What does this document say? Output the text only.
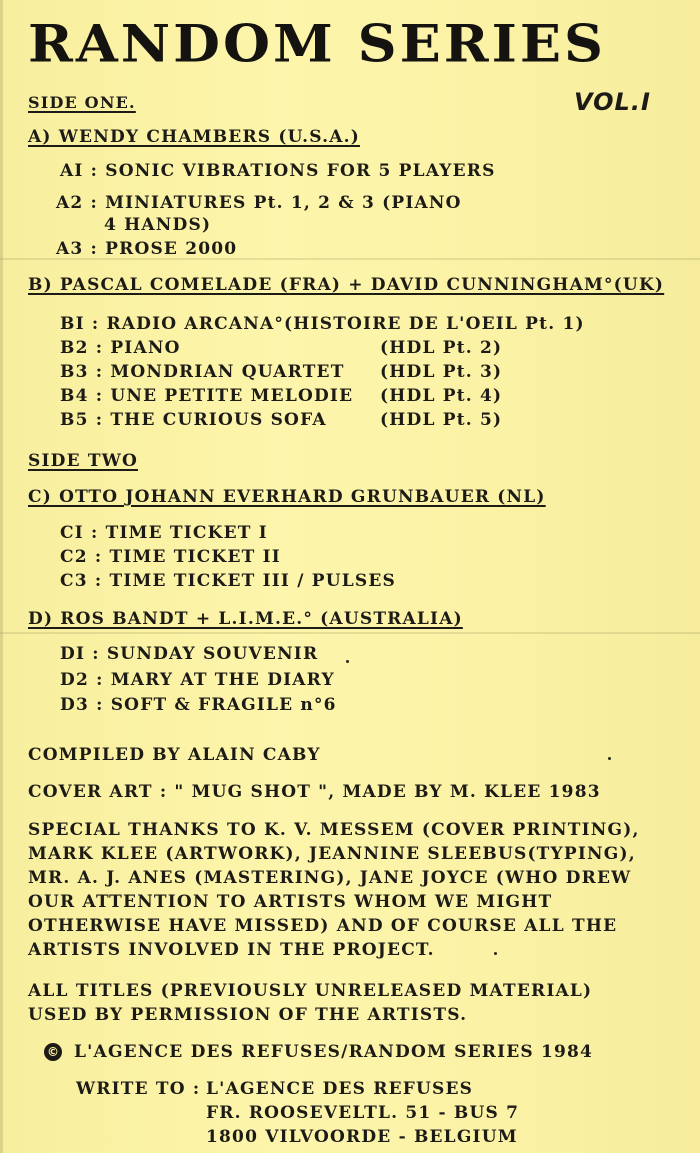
RANDOM SERIES
VOL.I
SIDE ONE.
A) WENDY CHAMBERS (U.S.A.)
AI : SONIC VIBRATIONS FOR 5 PLAYERS
A2 : MINIATURES Pt. 1, 2 & 3 (PIANO
4 HANDS)
A3 : PROSE 2000
B) PASCAL COMELADE (FRA) + DAVID CUNNINGHAM°(UK)
BI : RADIO ARCANA°(HISTOIRE DE L'OEIL Pt. 1)
B2 : PIANO	(HDL Pt. 2)
B3 : MONDRIAN QUARTET (HDL Pt. 3)
B4 : UNE PETITE MELODIE (HDL Pt. 4)
B5 : THE CURIOUS SOFA	(HDL Pt. 5)
SIDE TWO
C) OTTO JOHANN EVERHARD GRUNBAUER (NL)
CI : TIME TICKET I
C2 : TIME TICKET II
C3 : TIME TICKET III / PULSES
D) ROS BANDT + L.I.M.E.° (AUSTRALIA)
DI : SUNDAY SOUVENIR
D2 : MARY AT THE DIARY
D3 : SOFT & FRAGILE n°6
COMPILED BY ALAIN CABY
COVER ART : " MUG SHOT ", MADE BY M. KLEE 1983
SPECIAL THANKS TO K. V. MESSEM (COVER PRINTING),
MARK KLEE (ARTWORK), JEANNINE SLEEBUS(TYPING),
MR. A. J. ANES (MASTERING), JANE JOYCE (WHO DREW
OUR ATTENTION TO ARTISTS WHOM WE MIGHT
OTHERWISE HAVE MISSED) AND OF COURSE ALL THE
ARTISTS INVOLVED IN THE PROJECT.
ALL TITLES (PREVIOUSLY UNRELEASED MATERIAL)
USED BY PERMISSION OF THE ARTISTS.
© L'AGENCE DES REFUSES/RANDOM SERIES 1984
WRITE TO : L'AGENCE DES REFUSES
FR. ROOSEVELTL. 51 - BUS 7
1800 VILVOORDE - BELGIUM
